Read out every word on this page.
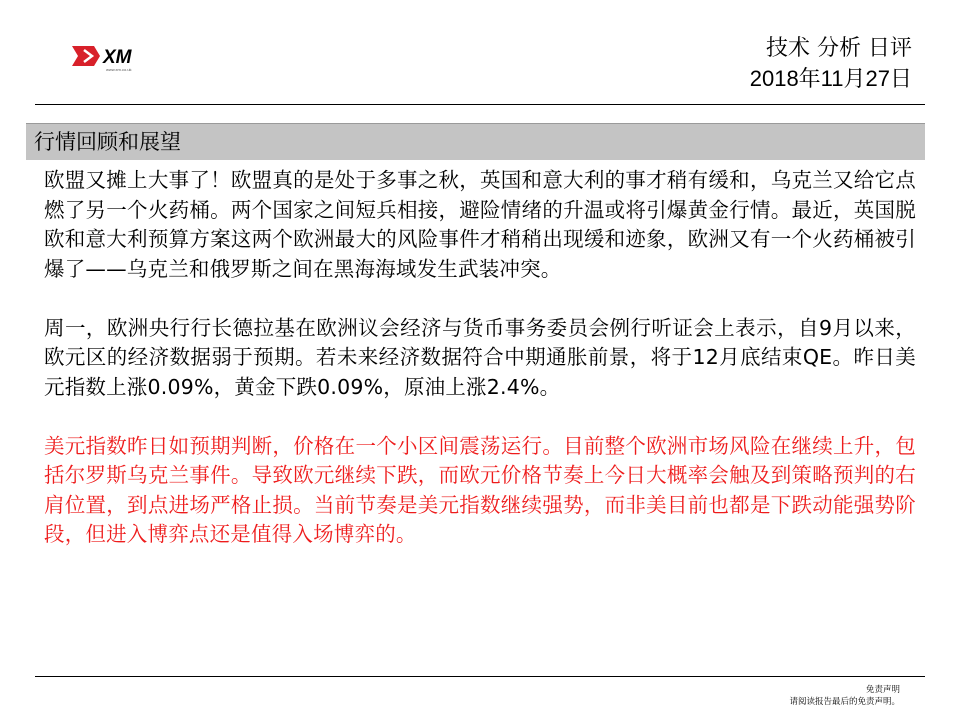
XM
www.xm.co.uk
技术 分析 日评
2018年11月27日
行情回顾和展望

欧盟又摊上大事了！欧盟真的是处于多事之秋，英国和意大利的事才稍有缓和，乌克兰又给它点燃了另一个火药桶。两个国家之间短兵相接，避险情绪的升温或将引爆黄金行情。最近，英国脱欧和意大利预算方案这两个欧洲最大的风险事件才稍稍出现缓和迹象，欧洲又有一个火药桶被引爆了——乌克兰和俄罗斯之间在黑海海域发生武装冲突。

周一，欧洲央行行长德拉基在欧洲议会经济与货币事务委员会例行听证会上表示，自9月以来，欧元区的经济数据弱于预期。若未来经济数据符合中期通胀前景，将于12月底结束QE。昨日美元指数上涨0.09%，黄金下跌0.09%，原油上涨2.4%。

美元指数昨日如预期判断，价格在一个小区间震荡运行。目前整个欧洲市场风险在继续上升，包括尔罗斯乌克兰事件。导致欧元继续下跌，而欧元价格节奏上今日大概率会触及到策略预判的右肩位置，到点进场严格止损。当前节奏是美元指数继续强势，而非美目前也都是下跌动能强势阶段，但进入博弈点还是值得入场博弈的。

免责声明
请阅读报告最后的免责声明。
